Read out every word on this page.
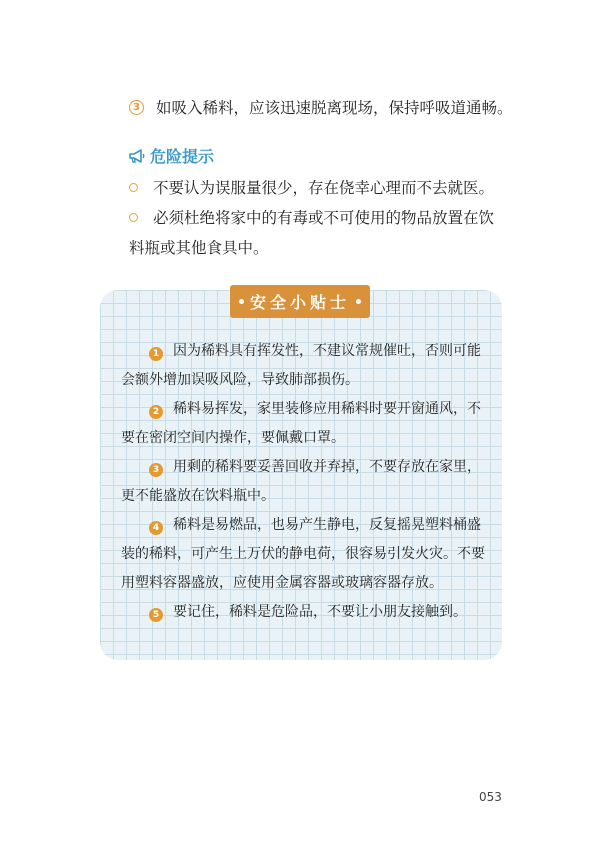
3 如吸入稀料，应该迅速脱离现场，保持呼吸道通畅。
危险提示
不要认为误服量很少，存在侥幸心理而不去就医。
必须杜绝将家中的有毒或不可使用的物品放置在饮
料瓶或其他食具中。
安全小贴士
1 因为稀料具有挥发性，不建议常规催吐，否则可能会额外增加误吸风险，导致肺部损伤。
2 稀料易挥发，家里装修应用稀料时要开窗通风，不要在密闭空间内操作，要佩戴口罩。
3 用剩的稀料要妥善回收并弃掉，不要存放在家里，更不能盛放在饮料瓶中。
4 稀料是易燃品，也易产生静电，反复摇晃塑料桶盛装的稀料，可产生上万伏的静电荷，很容易引发火灾。不要用塑料容器盛放，应使用金属容器或玻璃容器存放。
5 要记住，稀料是危险品，不要让小朋友接触到。
053
